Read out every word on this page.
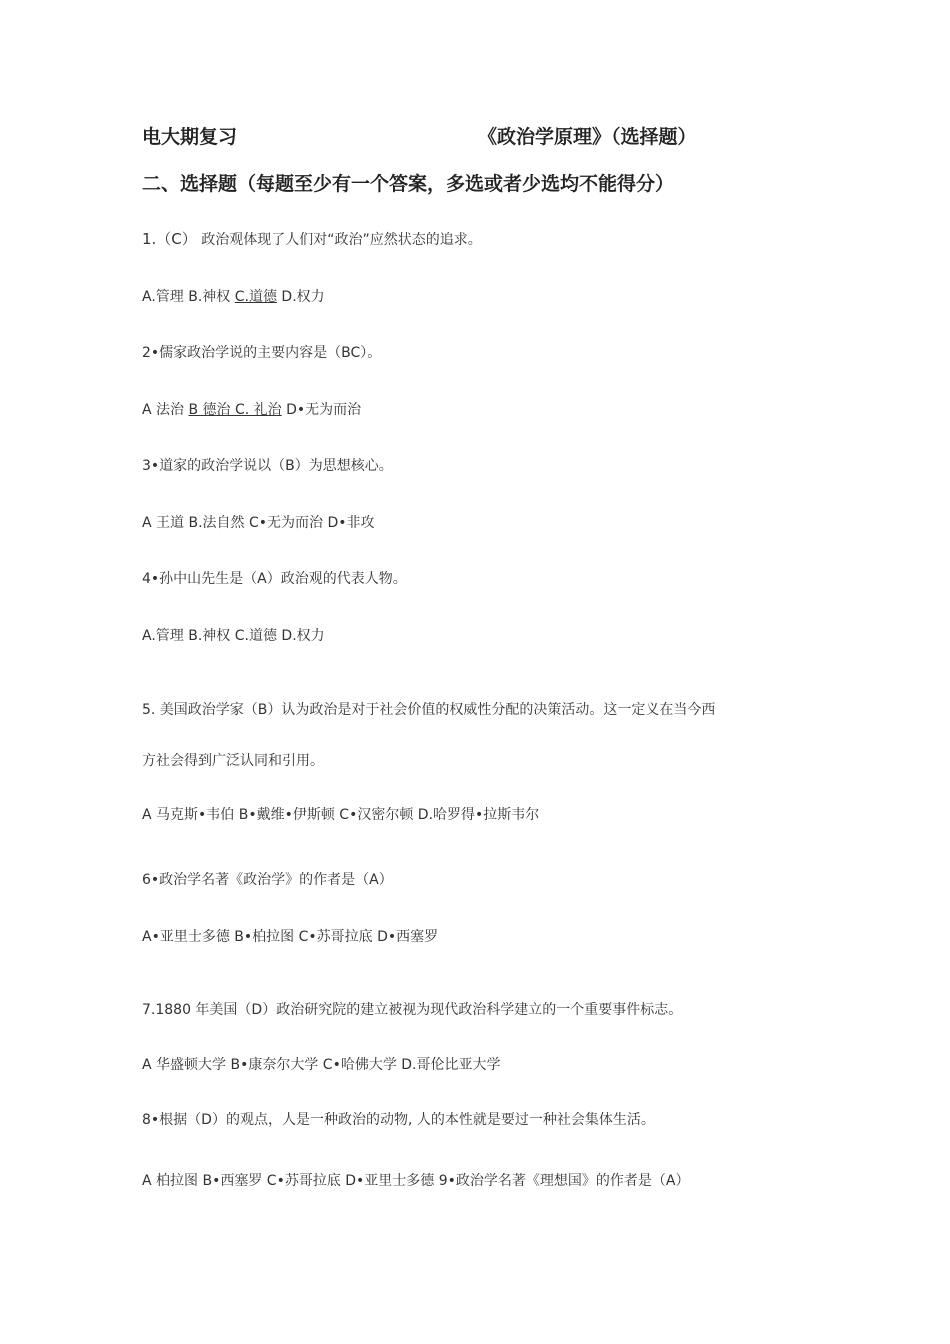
电大期复习	《政治学原理》（选择题）
二、选择题（每题至少有一个答案，多选或者少选均不能得分）
1.（C） 政治观体现了人们对“政治”应然状态的追求。
A.管理 B.神权 C.道德 D.权力
2•儒家政治学说的主要内容是（BC）。
A 法治 B 德治 C. 礼治 D•无为而治
3•道家的政治学说以（B）为思想核心。
A 王道 B.法自然 C•无为而治 D•非攻
4•孙中山先生是（A）政治观的代表人物。
A.管理 B.神权 C.道德 D.权力
5. 美国政治学家（B）认为政治是对于社会价值的权威性分配的决策活动。这一定义在当今西
方社会得到广泛认同和引用。
A 马克斯•韦伯 B•戴维•伊斯顿 C•汉密尔顿 D.哈罗得•拉斯韦尔
6•政治学名著《政治学》的作者是（A）
A•亚里士多德 B•柏拉图 C•苏哥拉底 D•西塞罗
7.1880 年美国（D）政治研究院的建立被视为现代政治科学建立的一个重要事件标志。
A 华盛顿大学 B•康奈尔大学 C•哈佛大学 D.哥伦比亚大学
8•根据（D）的观点，人是一种政治的动物, 人的本性就是要过一种社会集体生活。
A 柏拉图 B•西塞罗 C•苏哥拉底 D•亚里士多德 9•政治学名著《理想国》的作者是（A）
